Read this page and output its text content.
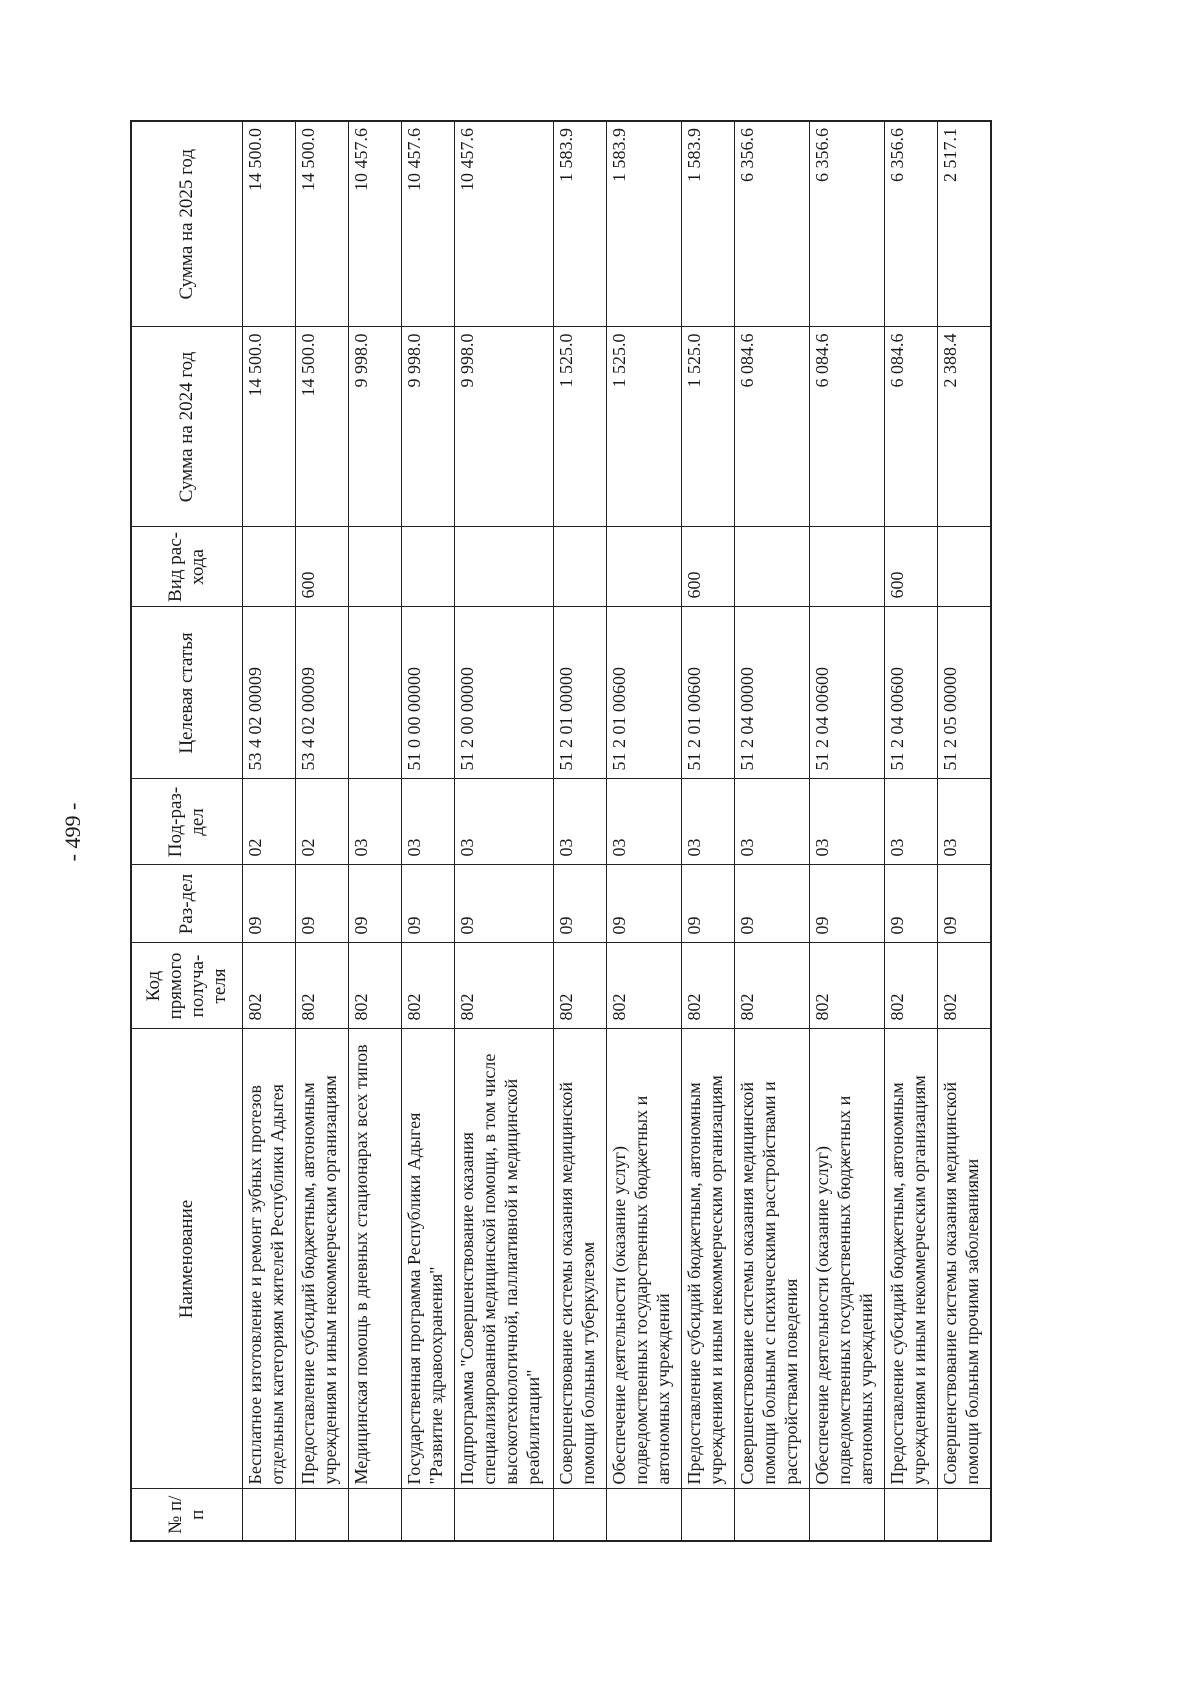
- 499 -
№ п/п	Наименование	Код прямого получа-теля	Раз-дел	Под-раз-дел	Целевая статья	Вид рас-хода	Сумма на 2024 год	Сумма на 2025 год
	Бесплатное изготовление и ремонт зубных протезов отдельным категориям жителей Республики Адыгея	802	09	02	53 4 02 00009		14 500.0	14 500.0
	Предоставление субсидий бюджетным, автономным учреждениям и иным некоммерческим организациям	802	09	02	53 4 02 00009	600	14 500.0	14 500.0
	Медицинская помощь в дневных стационарах всех типов	802	09	03			9 998.0	10 457.6
	Государственная программа Республики Адыгея "Развитие здравоохранения"	802	09	03	51 0 00 00000		9 998.0	10 457.6
	Подпрограмма "Совершенствование оказания специализированной медицинской помощи, в том числе высокотехнологичной, паллиативной и медицинской реабилитации"	802	09	03	51 2 00 00000		9 998.0	10 457.6
	Совершенствование системы оказания медицинской помощи больным туберкулезом	802	09	03	51 2 01 00000		1 525.0	1 583.9
	Обеспечение деятельности (оказание услуг) подведомственных государственных бюджетных и автономных учреждений	802	09	03	51 2 01 00600		1 525.0	1 583.9
	Предоставление субсидий бюджетным, автономным учреждениям и иным некоммерческим организациям	802	09	03	51 2 01 00600	600	1 525.0	1 583.9
	Совершенствование системы оказания медицинской помощи больным с психическими расстройствами и расстройствами поведения	802	09	03	51 2 04 00000		6 084.6	6 356.6
	Обеспечение деятельности (оказание услуг) подведомственных государственных бюджетных и автономных учреждений	802	09	03	51 2 04 00600		6 084.6	6 356.6
	Предоставление субсидий бюджетным, автономным учреждениям и иным некоммерческим организациям	802	09	03	51 2 04 00600	600	6 084.6	6 356.6
	Совершенствование системы оказания медицинской помощи больным прочими заболеваниями	802	09	03	51 2 05 00000		2 388.4	2 517.1
